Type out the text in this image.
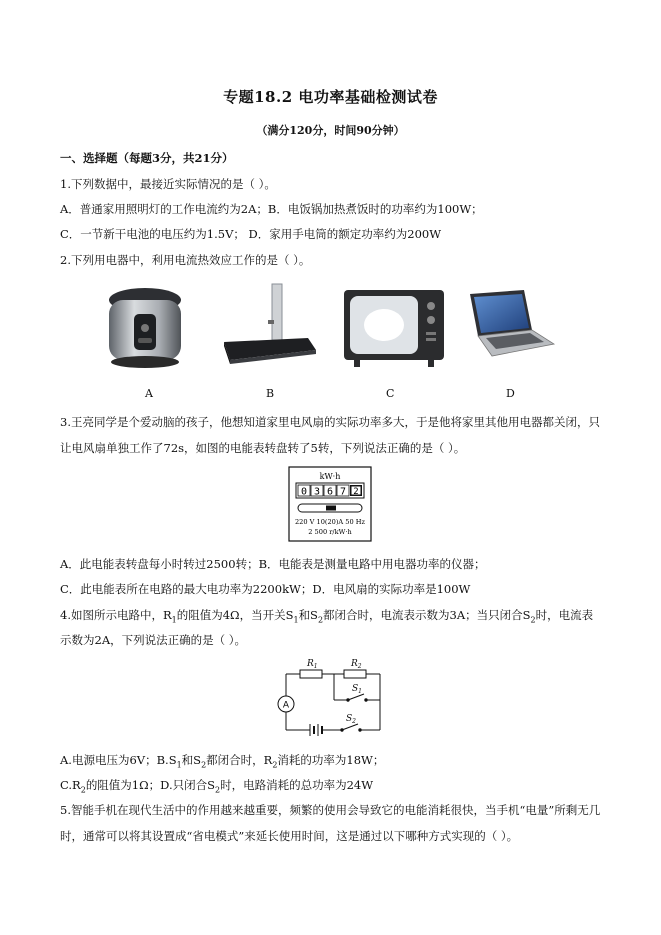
专题18.2 电功率基础检测试卷
（满分120分，时间90分钟）
一、选择题（每题3分，共21分）
1.下列数据中，最接近实际情况的是（ ）。
A．普通家用照明灯的工作电流约为2A；B．电饭锅加热煮饭时的功率约为100W；
C．一节新干电池的电压约为1.5V； D．家用手电筒的额定功率约为200W
2.下列用电器中，利用电流热效应工作的是（ ）。
A	B	C	D
3.王亮同学是个爱动脑的孩子，他想知道家里电风扇的实际功率多大，于是他将家里其他用电器都关闭，只
让电风扇单独工作了72s，如图的电能表转盘转了5转，下列说法正确的是（ ）。
kW·h
0 3 6 7 2
220 V 10(20)A 50 Hz
2 500 r/kW·h
A．此电能表转盘每小时转过2500转；B．电能表是测量电路中用电器功率的仪器；
C．此电能表所在电路的最大电功率为2200kW；D．电风扇的实际功率是100W
4.如图所示电路中，$R_1$的阻值为4Ω，当开关$S_1$和$S_2$都闭合时，电流表示数为3A；当只闭合$S_2$时，电流表
示数为2A，下列说法正确的是（ ）。
$R_1$	$R_2$
$S_1$
$S_2$
A
A.电源电压为6V；$B.S_1$和$S_2$都闭合时，$R_2$消耗的功率为18W；
$C.R_2$的阻值为1Ω；D.只闭合$S_2$时，电路消耗的总功率为24W
5.智能手机在现代生活中的作用越来越重要，频繁的使用会导致它的电能消耗很快，当手机“电量”所剩无几
时，通常可以将其设置成“省电模式”来延长使用时间，这是通过以下哪种方式实现的（ ）。
